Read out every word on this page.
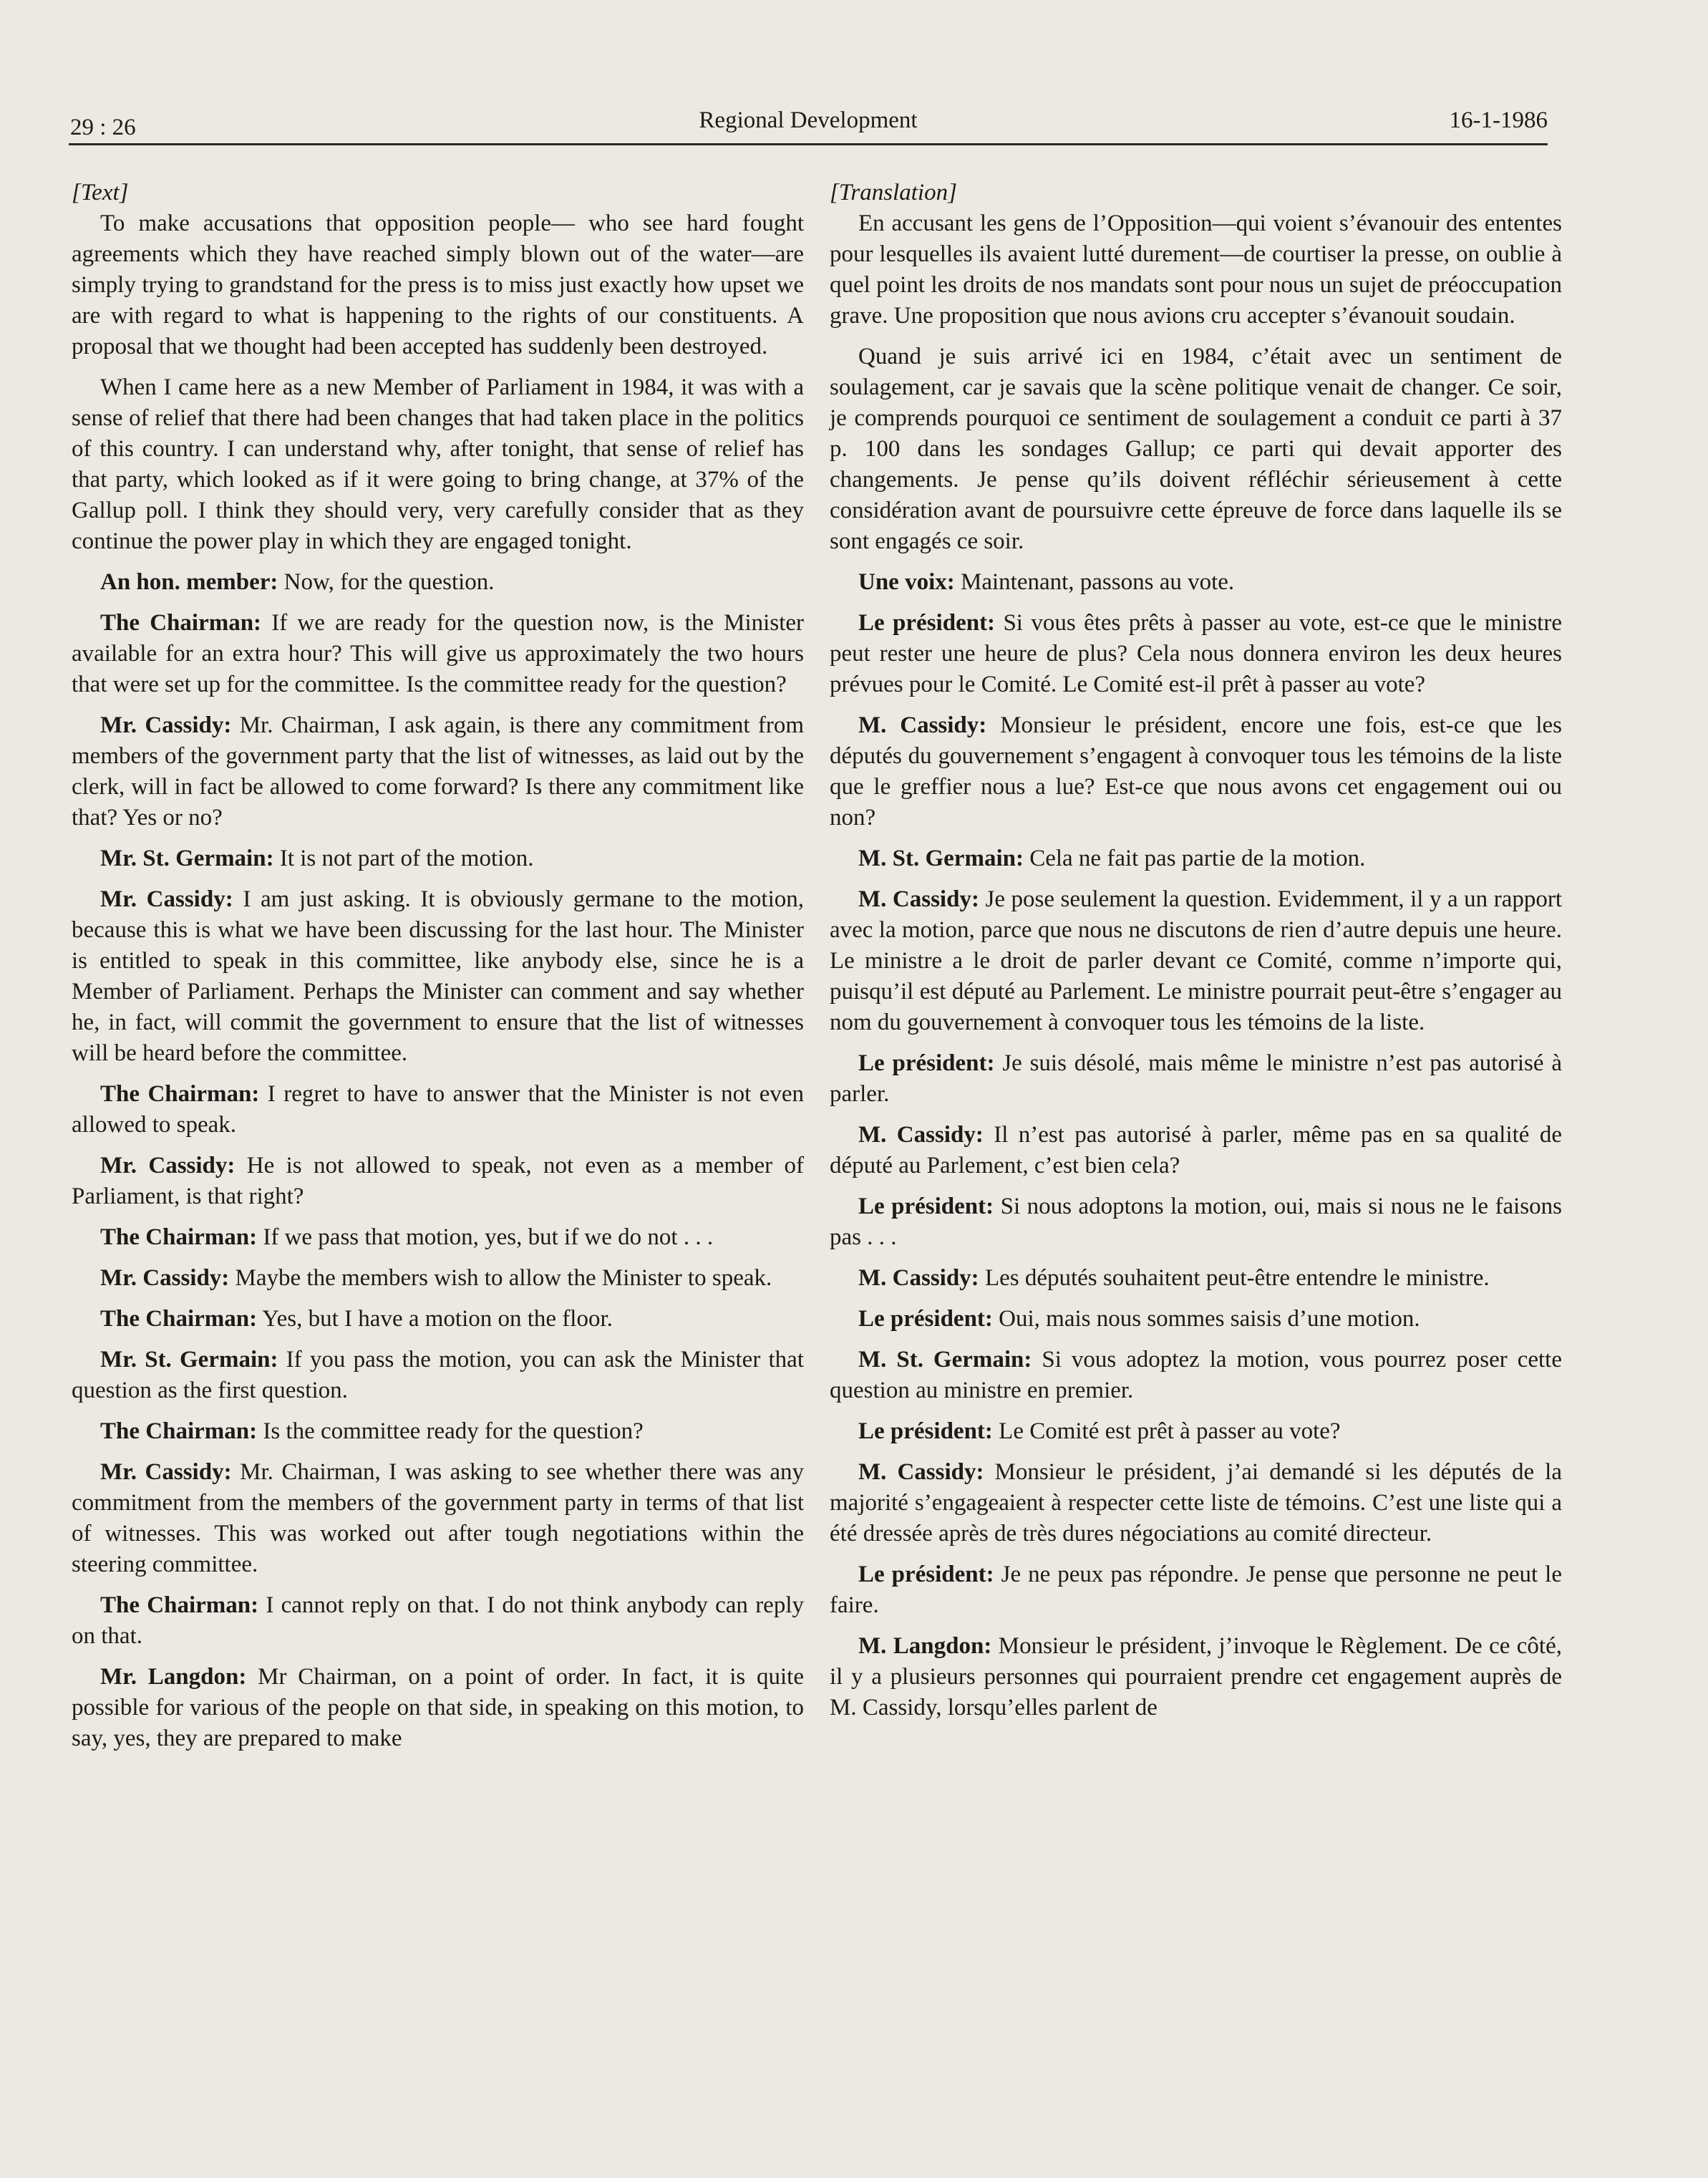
29 : 26	Regional Development	16-1-1986

[Text]

To make accusations that opposition people— who see hard fought agreements which they have reached simply blown out of the water—are simply trying to grandstand for the press is to miss just exactly how upset we are with regard to what is happening to the rights of our constituents. A proposal that we thought had been accepted has suddenly been destroyed.

When I came here as a new Member of Parliament in 1984, it was with a sense of relief that there had been changes that had taken place in the politics of this country. I can understand why, after tonight, that sense of relief has that party, which looked as if it were going to bring change, at 37% of the Gallup poll. I think they should very, very carefully consider that as they continue the power play in which they are engaged tonight.

An hon. member: Now, for the question.

The Chairman: If we are ready for the question now, is the Minister available for an extra hour? This will give us approximately the two hours that were set up for the committee. Is the committee ready for the question?

Mr. Cassidy: Mr. Chairman, I ask again, is there any commitment from members of the government party that the list of witnesses, as laid out by the clerk, will in fact be allowed to come forward? Is there any commitment like that? Yes or no?

Mr. St. Germain: It is not part of the motion.

Mr. Cassidy: I am just asking. It is obviously germane to the motion, because this is what we have been discussing for the last hour. The Minister is entitled to speak in this committee, like anybody else, since he is a Member of Parliament. Perhaps the Minister can comment and say whether he, in fact, will commit the government to ensure that the list of witnesses will be heard before the committee.

The Chairman: I regret to have to answer that the Minister is not even allowed to speak.

Mr. Cassidy: He is not allowed to speak, not even as a member of Parliament, is that right?

The Chairman: If we pass that motion, yes, but if we do not . . .

Mr. Cassidy: Maybe the members wish to allow the Minister to speak.

The Chairman: Yes, but I have a motion on the floor.

Mr. St. Germain: If you pass the motion, you can ask the Minister that question as the first question.

The Chairman: Is the committee ready for the question?

Mr. Cassidy: Mr. Chairman, I was asking to see whether there was any commitment from the members of the government party in terms of that list of witnesses. This was worked out after tough negotiations within the steering committee.

The Chairman: I cannot reply on that. I do not think anybody can reply on that.

Mr. Langdon: Mr Chairman, on a point of order. In fact, it is quite possible for various of the people on that side, in speaking on this motion, to say, yes, they are prepared to make

[Translation]

En accusant les gens de l’Opposition—qui voient s’évanouir des ententes pour lesquelles ils avaient lutté durement—de courtiser la presse, on oublie à quel point les droits de nos mandats sont pour nous un sujet de préoccupation grave. Une proposition que nous avions cru accepter s’évanouit soudain.

Quand je suis arrivé ici en 1984, c’était avec un sentiment de soulagement, car je savais que la scène politique venait de changer. Ce soir, je comprends pourquoi ce sentiment de soulagement a conduit ce parti à 37 p. 100 dans les sondages Gallup; ce parti qui devait apporter des changements. Je pense qu’ils doivent réfléchir sérieusement à cette considération avant de poursuivre cette épreuve de force dans laquelle ils se sont engagés ce soir.

Une voix: Maintenant, passons au vote.

Le président: Si vous êtes prêts à passer au vote, est-ce que le ministre peut rester une heure de plus? Cela nous donnera environ les deux heures prévues pour le Comité. Le Comité est-il prêt à passer au vote?

M. Cassidy: Monsieur le président, encore une fois, est-ce que les députés du gouvernement s’engagent à convoquer tous les témoins de la liste que le greffier nous a lue? Est-ce que nous avons cet engagement oui ou non?

M. St. Germain: Cela ne fait pas partie de la motion.

M. Cassidy: Je pose seulement la question. Evidemment, il y a un rapport avec la motion, parce que nous ne discutons de rien d’autre depuis une heure. Le ministre a le droit de parler devant ce Comité, comme n’importe qui, puisqu’il est député au Parlement. Le ministre pourrait peut-être s’engager au nom du gouvernement à convoquer tous les témoins de la liste.

Le président: Je suis désolé, mais même le ministre n’est pas autorisé à parler.

M. Cassidy: Il n’est pas autorisé à parler, même pas en sa qualité de député au Parlement, c’est bien cela?

Le président: Si nous adoptons la motion, oui, mais si nous ne le faisons pas . . .

M. Cassidy: Les députés souhaitent peut-être entendre le ministre.

Le président: Oui, mais nous sommes saisis d’une motion.

M. St. Germain: Si vous adoptez la motion, vous pourrez poser cette question au ministre en premier.

Le président: Le Comité est prêt à passer au vote?

M. Cassidy: Monsieur le président, j’ai demandé si les députés de la majorité s’engageaient à respecter cette liste de témoins. C’est une liste qui a été dressée après de très dures négociations au comité directeur.

Le président: Je ne peux pas répondre. Je pense que personne ne peut le faire.

M. Langdon: Monsieur le président, j’invoque le Règlement. De ce côté, il y a plusieurs personnes qui pourraient prendre cet engagement auprès de M. Cassidy, lorsqu’elles parlent de
